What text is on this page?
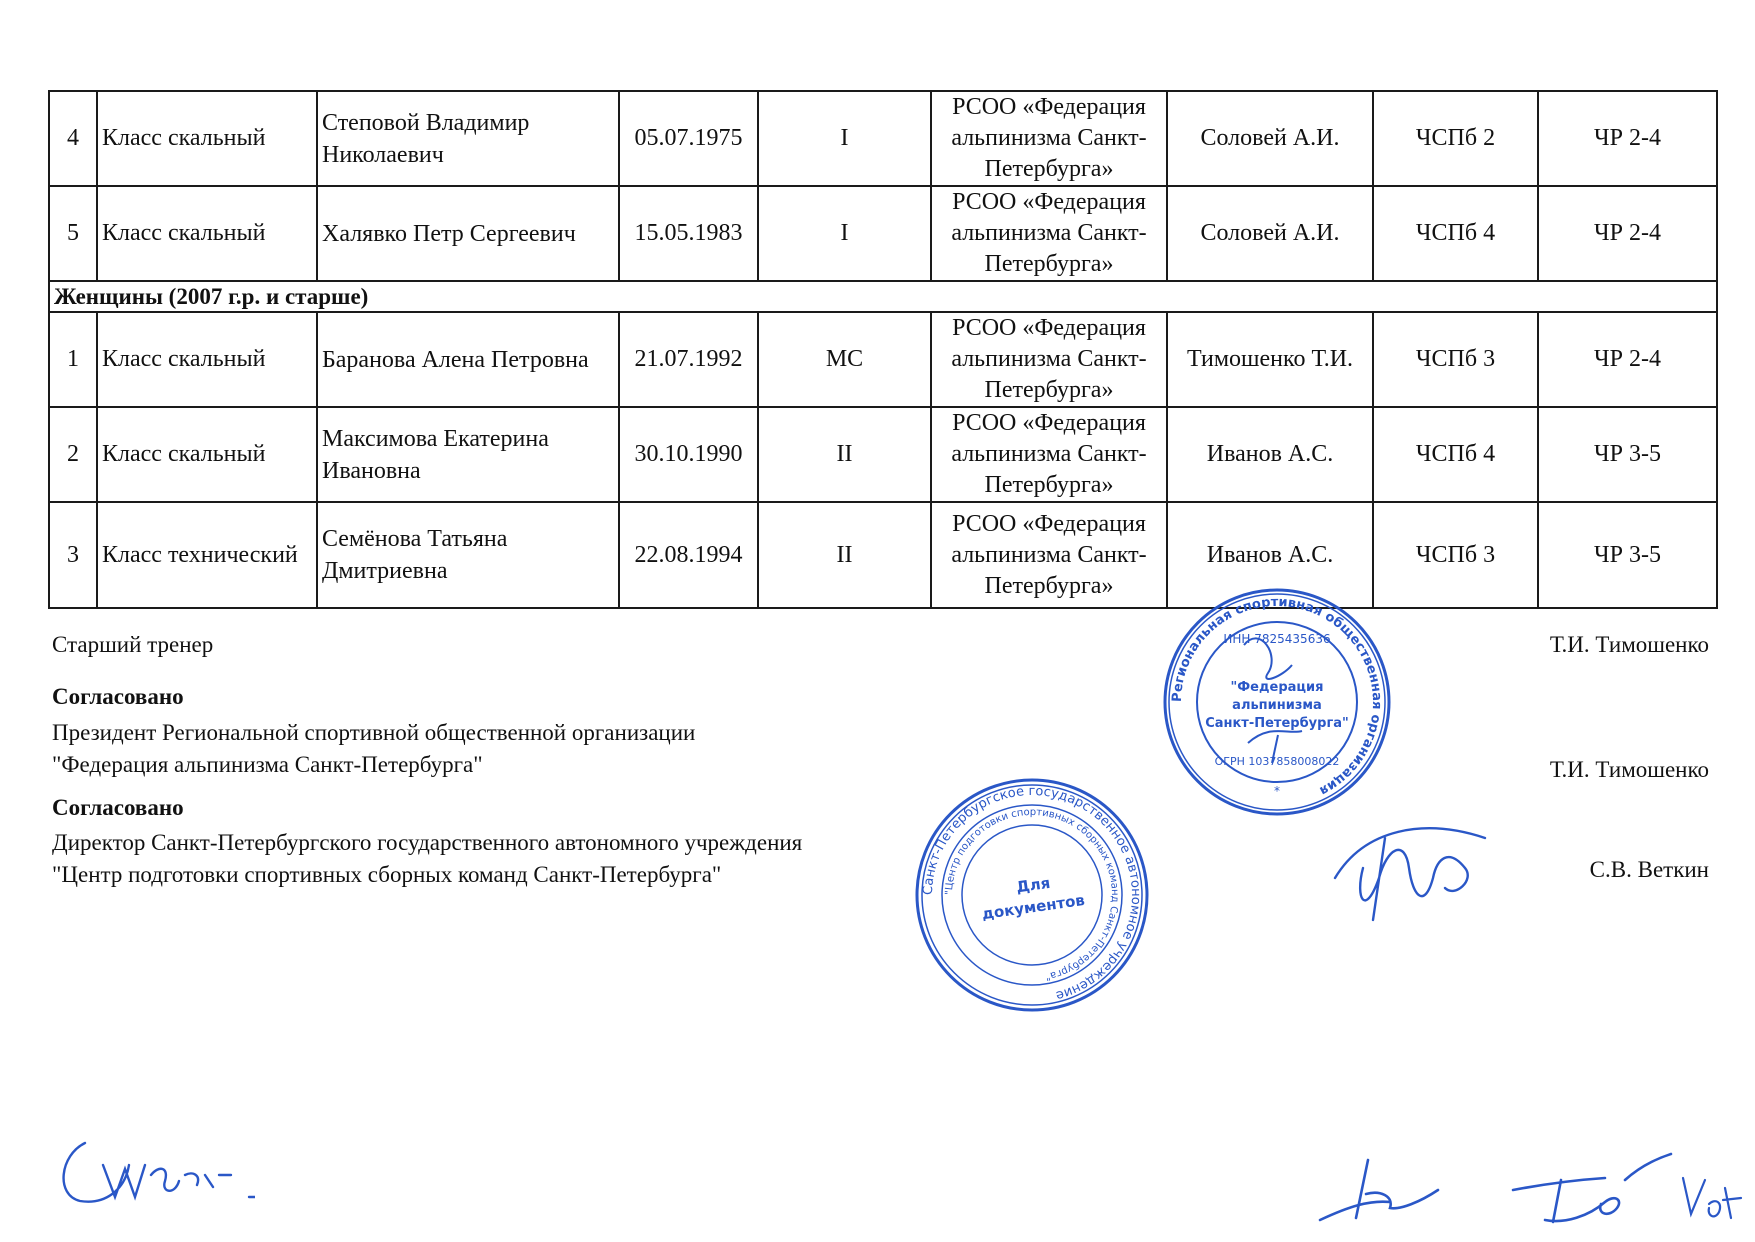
4	Класс скальный	Степовой Владимир Николаевич	05.07.1975	I	РСОО «Федерация альпинизма Санкт-Петербурга»	Соловей А.И.	ЧСПб 2	ЧР 2-4
5	Класс скальный	Халявко Петр Сергеевич	15.05.1983	I	РСОО «Федерация альпинизма Санкт-Петербурга»	Соловей А.И.	ЧСПб 4	ЧР 2-4
Женщины (2007 г.р. и старше)								
1	Класс скальный	Баранова Алена Петровна	21.07.1992	МС	РСОО «Федерация альпинизма Санкт-Петербурга»	Тимошенко Т.И.	ЧСПб 3	ЧР 2-4
2	Класс скальный	Максимова Екатерина Ивановна	30.10.1990	II	РСОО «Федерация альпинизма Санкт-Петербурга»	Иванов А.С.	ЧСПб 4	ЧР 3-5
3	Класс технический	Семёнова Татьяна Дмитриевна	22.08.1994	II	РСОО «Федерация альпинизма Санкт-Петербурга»	Иванов А.С.	ЧСПб 3	ЧР 3-5
Старший тренер	Т.И. Тимошенко
Согласовано
Президент Региональной спортивной общественной организации
"Федерация альпинизма Санкт-Петербурга"	Т.И. Тимошенко
Согласовано
Директор Санкт-Петербургского государственного автономного учреждения
"Центр подготовки спортивных сборных команд Санкт-Петербурга"	С.В. Веткин
Региональная спортивная общественная организация
ИНН 7825435636
"Федерация
альпинизма
Санкт-Петербурга"
ОГРН 1037858008022
*
Санкт-Петербургское государственное автономное учреждение
"Центр подготовки спортивных сборных команд Санкт-Петербурга"
Для
документов
